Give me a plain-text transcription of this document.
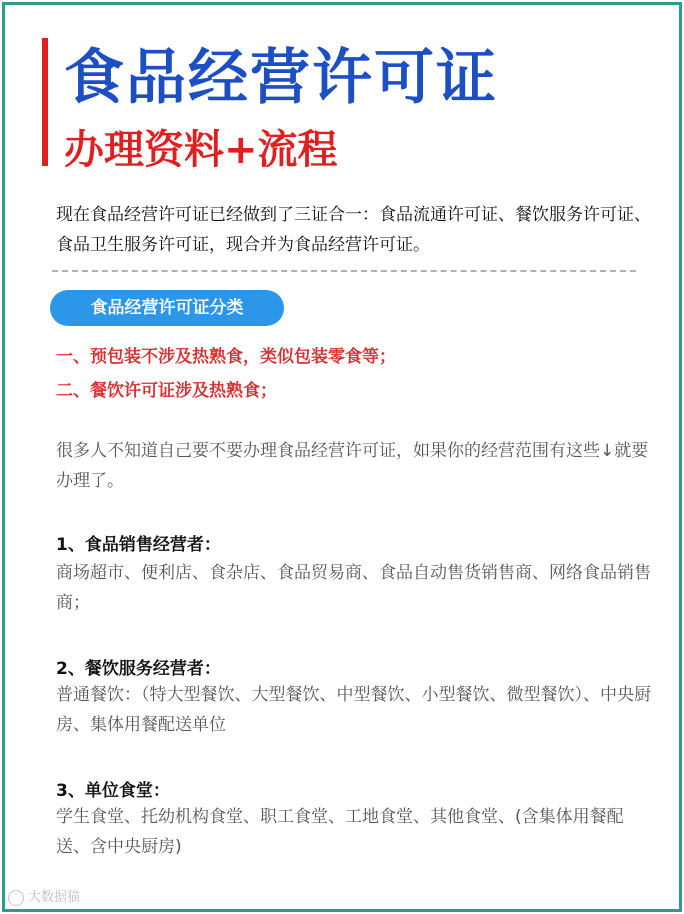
食品经营许可证
办理资料+流程
现在食品经营许可证已经做到了三证合一：食品流通许可证、餐饮服务许可证、食品卫生服务许可证，现合并为食品经营许可证。
食品经营许可证分类
一、预包装不涉及热熟食，类似包装零食等；
二、餐饮许可证涉及热熟食；
很多人不知道自己要不要办理食品经营许可证，如果你的经营范围有这些↓就要办理了。
1、食品销售经营者：
商场超市、便利店、食杂店、食品贸易商、食品自动售货销售商、网络食品销售商；
2、餐饮服务经营者：
普通餐饮：（特大型餐饮、大型餐饮、中型餐饮、小型餐饮、微型餐饮）、中央厨房、集体用餐配送单位
3、单位食堂：
学生食堂、托幼机构食堂、职工食堂、工地食堂、其他食堂、(含集体用餐配送、含中央厨房)
大数据猫
